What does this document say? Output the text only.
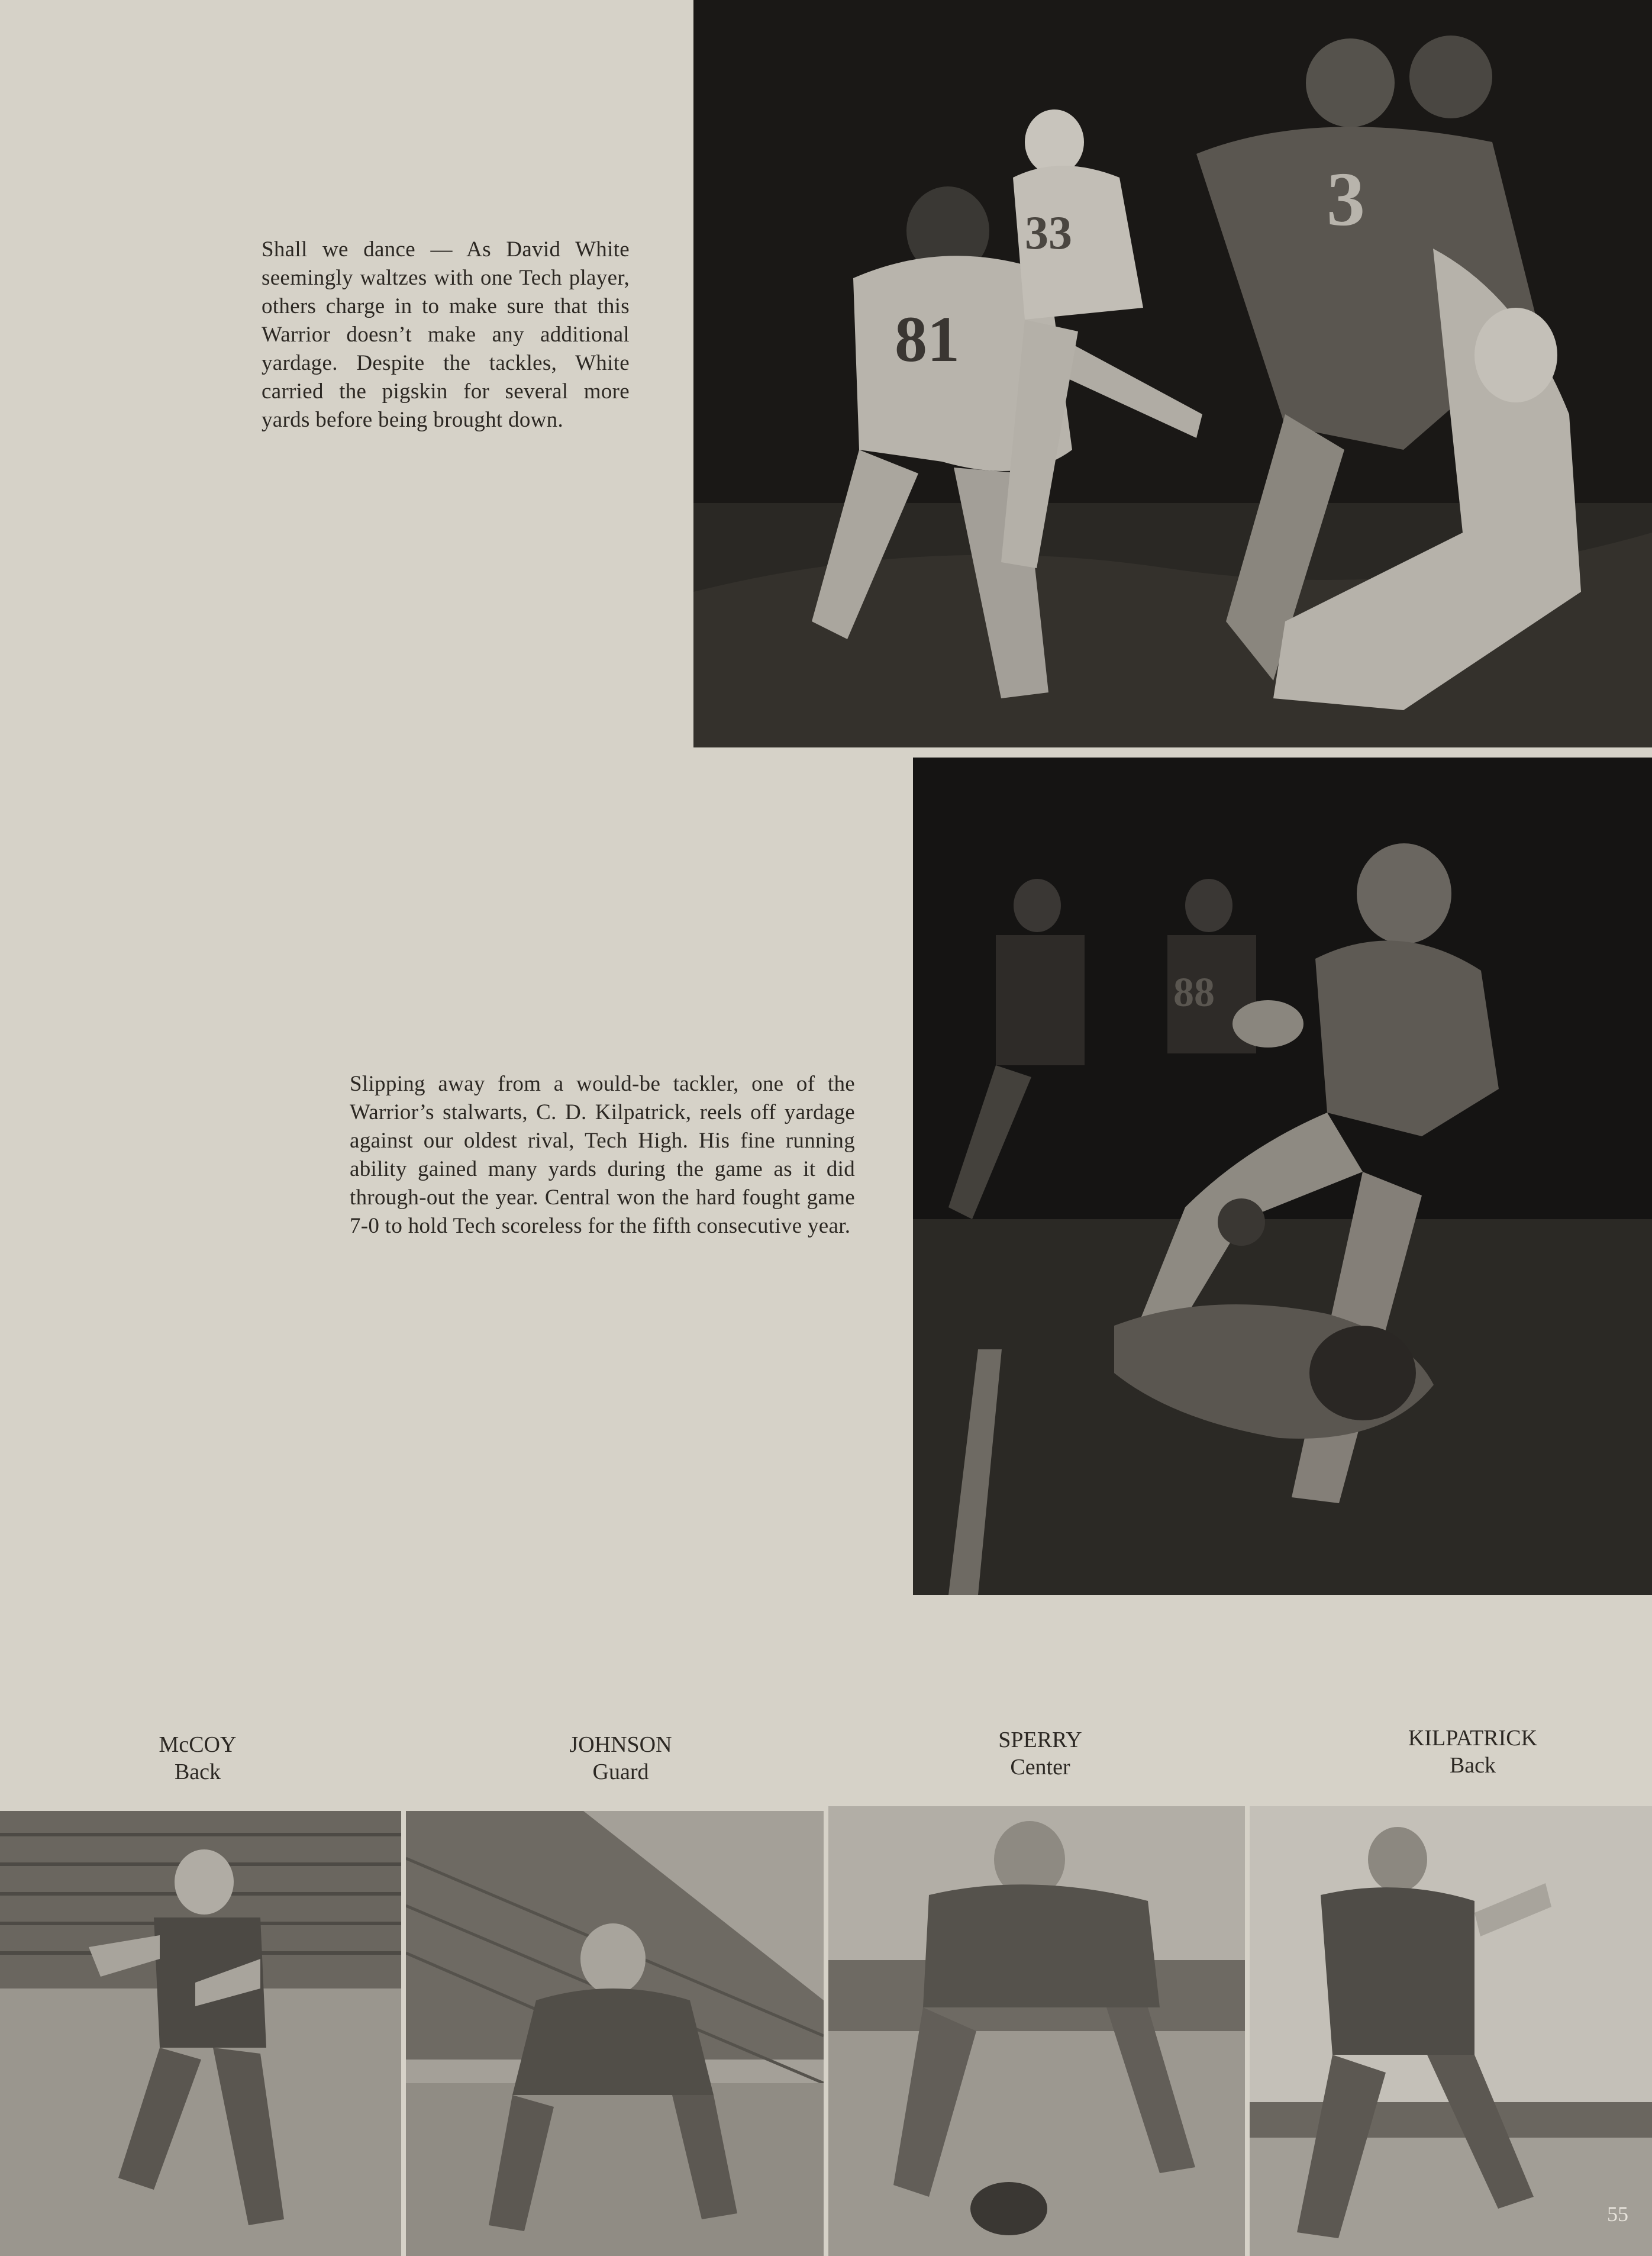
81
33	3
Shall we dance — As David White seemingly waltzes with one Tech player, others charge in to make sure that this Warrior doesn’t make any additional yardage. Despite the tackles, White carried the pigskin for several more yards before being brought down.
88
Slipping away from a would-be tackler, one of the Warrior’s stalwarts, C. D. Kilpatrick, reels off yardage against our oldest rival, Tech High. His fine running ability gained many yards during the game as it did through-out the year. Central won the hard fought game 7-0 to hold Tech scoreless for the fifth consecutive year.
McCOY
Back
JOHNSON
Guard
SPERRY
Center
KILPATRICK
Back
55
